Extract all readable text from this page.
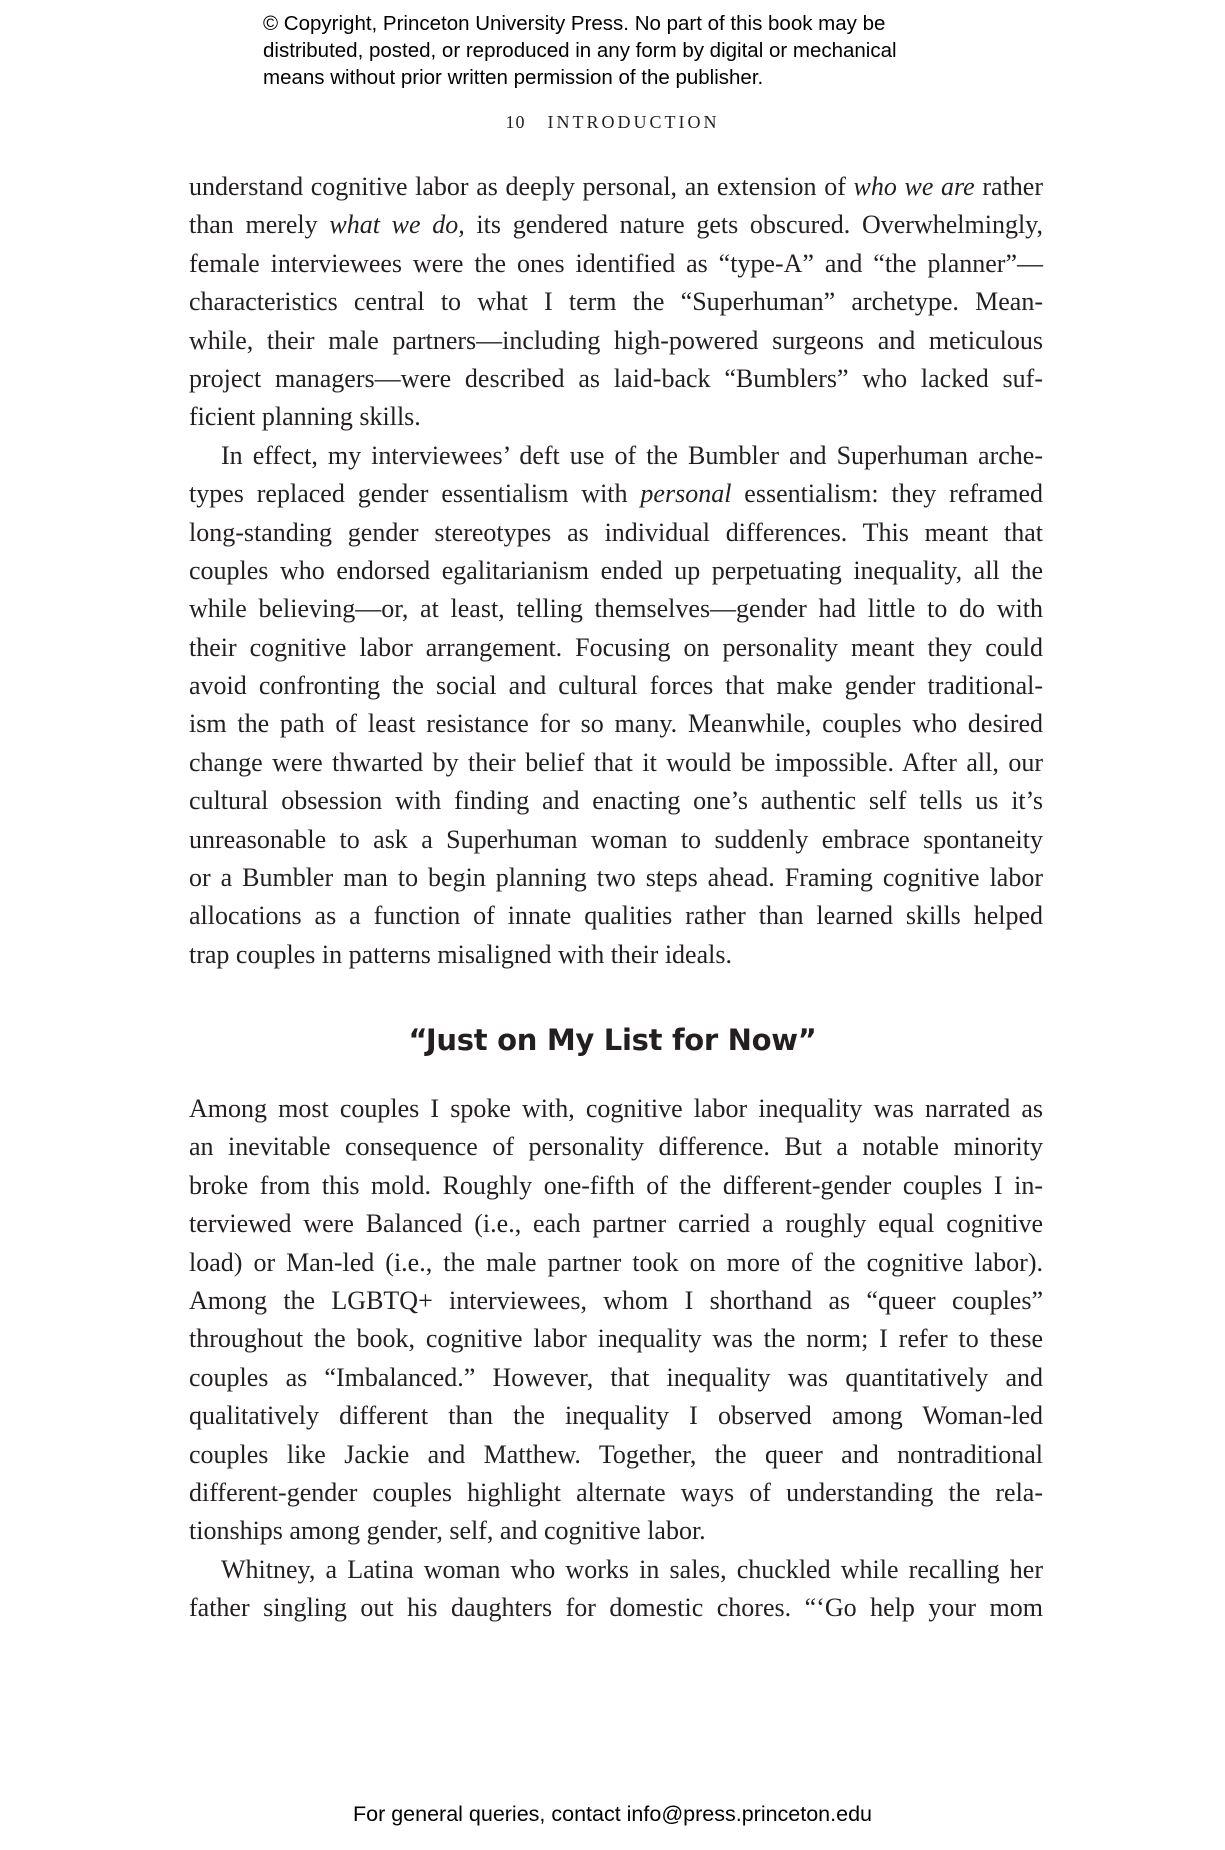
© Copyright, Princeton University Press. No part of this book may be
distributed, posted, or reproduced in any form by digital or mechanical
means without prior written permission of the publisher.
10 INTRODUCTION
understand cognitive labor as deeply personal, an extension of who we are rather
than merely what we do, its gendered nature gets obscured. Overwhelmingly,
female interviewees were the ones identified as “type-A” and “the planner”—
characteristics central to what I term the “Superhuman” archetype. Mean-
while, their male partners—including high-powered surgeons and meticulous
project managers—were described as laid-back “Bumblers” who lacked suf-
ficient planning skills.
In effect, my interviewees’ deft use of the Bumbler and Superhuman arche-
types replaced gender essentialism with personal essentialism: they reframed
long-standing gender stereotypes as individual differences. This meant that
couples who endorsed egalitarianism ended up perpetuating inequality, all the
while believing—or, at least, telling themselves—gender had little to do with
their cognitive labor arrangement. Focusing on personality meant they could
avoid confronting the social and cultural forces that make gender traditional-
ism the path of least resistance for so many. Meanwhile, couples who desired
change were thwarted by their belief that it would be impossible. After all, our
cultural obsession with finding and enacting one’s authentic self tells us it’s
unreasonable to ask a Superhuman woman to suddenly embrace spontaneity
or a Bumbler man to begin planning two steps ahead. Framing cognitive labor
allocations as a function of innate qualities rather than learned skills helped
trap couples in patterns misaligned with their ideals.
“Just on My List for Now”
Among most couples I spoke with, cognitive labor inequality was narrated as
an inevitable consequence of personality difference. But a notable minority
broke from this mold. Roughly one-fifth of the different-gender couples I in-
terviewed were Balanced (i.e., each partner carried a roughly equal cognitive
load) or Man-led (i.e., the male partner took on more of the cognitive labor).
Among the LGBTQ+ interviewees, whom I shorthand as “queer couples”
throughout the book, cognitive labor inequality was the norm; I refer to these
couples as “Imbalanced.” However, that inequality was quantitatively and
qualitatively different than the inequality I observed among Woman-led
couples like Jackie and Matthew. Together, the queer and nontraditional
different-gender couples highlight alternate ways of understanding the rela-
tionships among gender, self, and cognitive labor.
Whitney, a Latina woman who works in sales, chuckled while recalling her
father singling out his daughters for domestic chores. “‘Go help your mom
For general queries, contact info@press.princeton.edu
